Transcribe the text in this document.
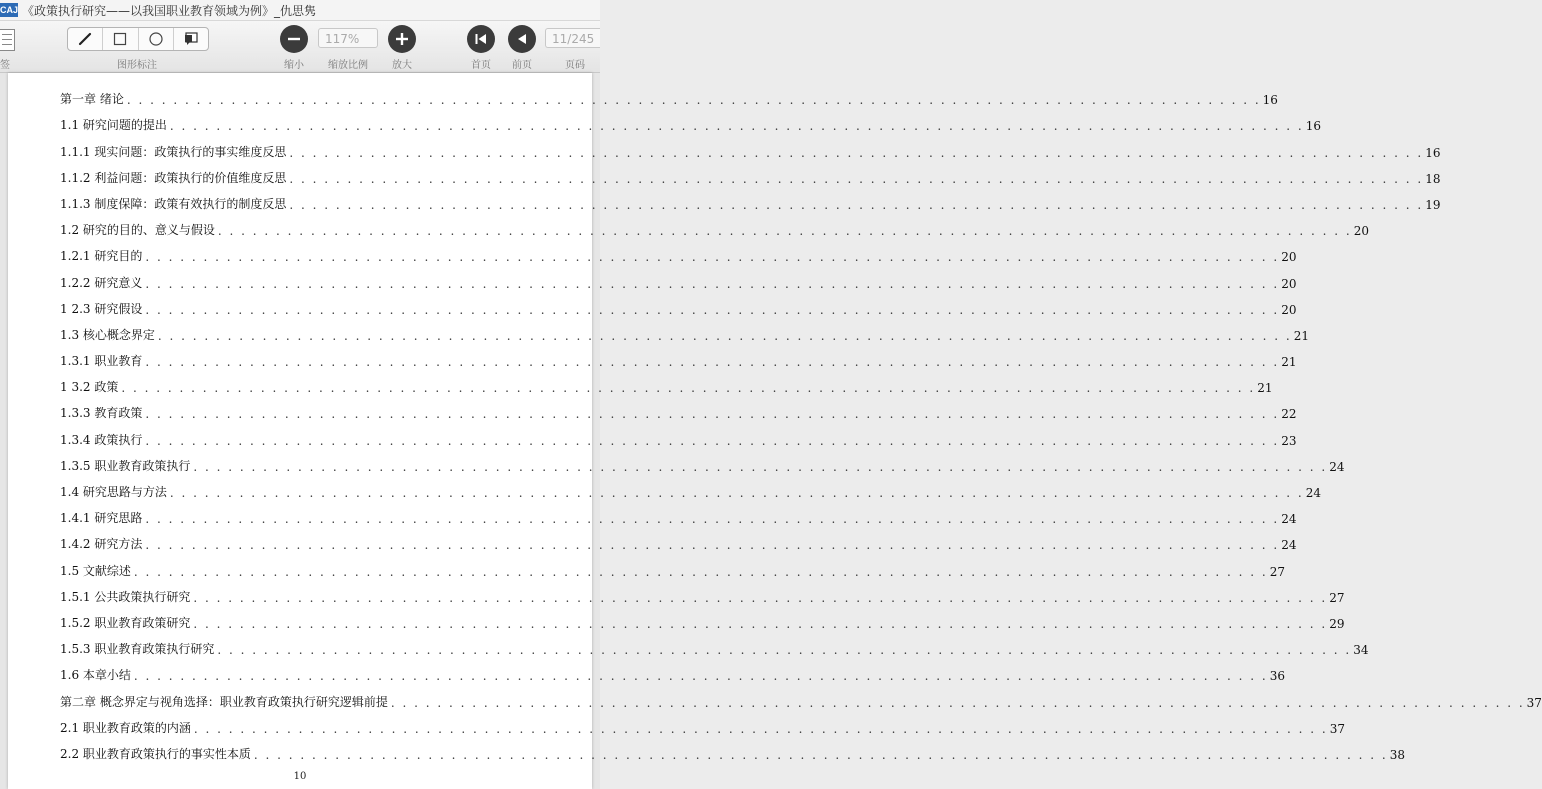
CAJ 《政策执行研究——以我国职业教育领域为例》_仇思隽
签	图形标注	缩小
117%
缩放比例	放大	首页	前页
11/245
页码
第一章 绪论 . . . . . . . . . . . . . . . . . . . . . . . . . . . . . . . . . . . . . . . . . . . . . . . . . . . . . . . . . . . . . . . . . . . . . . . . . . . . . . . . . . . . . . . . . . . . . . . . . . 16
1.1 研究问题的提出 . . . . . . . . . . . . . . . . . . . . . . . . . . . . . . . . . . . . . . . . . . . . . . . . . . . . . . . . . . . . . . . . . . . . . . . . . . . . . . . . . . . . . . . . . . . . . . . . . . 16
1.1.1 现实问题：政策执行的事实维度反思 . . . . . . . . . . . . . . . . . . . . . . . . . . . . . . . . . . . . . . . . . . . . . . . . . . . . . . . . . . . . . . . . . . . . . . . . . . . . . . . . . . . . . . . . . . . . . . . . . . 16
1.1.2 利益问题：政策执行的价值维度反思 . . . . . . . . . . . . . . . . . . . . . . . . . . . . . . . . . . . . . . . . . . . . . . . . . . . . . . . . . . . . . . . . . . . . . . . . . . . . . . . . . . . . . . . . . . . . . . . . . . 18
1.1.3 制度保障：政策有效执行的制度反思 . . . . . . . . . . . . . . . . . . . . . . . . . . . . . . . . . . . . . . . . . . . . . . . . . . . . . . . . . . . . . . . . . . . . . . . . . . . . . . . . . . . . . . . . . . . . . . . . . . 19
1.2 研究的目的、意义与假设 . . . . . . . . . . . . . . . . . . . . . . . . . . . . . . . . . . . . . . . . . . . . . . . . . . . . . . . . . . . . . . . . . . . . . . . . . . . . . . . . . . . . . . . . . . . . . . . . . . 20
1.2.1 研究目的 . . . . . . . . . . . . . . . . . . . . . . . . . . . . . . . . . . . . . . . . . . . . . . . . . . . . . . . . . . . . . . . . . . . . . . . . . . . . . . . . . . . . . . . . . . . . . . . . . . 20
1.2.2 研究意义 . . . . . . . . . . . . . . . . . . . . . . . . . . . . . . . . . . . . . . . . . . . . . . . . . . . . . . . . . . . . . . . . . . . . . . . . . . . . . . . . . . . . . . . . . . . . . . . . . . 20
1 2.3 研究假设 . . . . . . . . . . . . . . . . . . . . . . . . . . . . . . . . . . . . . . . . . . . . . . . . . . . . . . . . . . . . . . . . . . . . . . . . . . . . . . . . . . . . . . . . . . . . . . . . . . 20
1.3 核心概念界定 . . . . . . . . . . . . . . . . . . . . . . . . . . . . . . . . . . . . . . . . . . . . . . . . . . . . . . . . . . . . . . . . . . . . . . . . . . . . . . . . . . . . . . . . . . . . . . . . . . 21
1.3.1 职业教育 . . . . . . . . . . . . . . . . . . . . . . . . . . . . . . . . . . . . . . . . . . . . . . . . . . . . . . . . . . . . . . . . . . . . . . . . . . . . . . . . . . . . . . . . . . . . . . . . . . 21
1 3.2 政策 . . . . . . . . . . . . . . . . . . . . . . . . . . . . . . . . . . . . . . . . . . . . . . . . . . . . . . . . . . . . . . . . . . . . . . . . . . . . . . . . . . . . . . . . . . . . . . . . . . 21
1.3.3 教育政策 . . . . . . . . . . . . . . . . . . . . . . . . . . . . . . . . . . . . . . . . . . . . . . . . . . . . . . . . . . . . . . . . . . . . . . . . . . . . . . . . . . . . . . . . . . . . . . . . . . 22
1.3.4 政策执行 . . . . . . . . . . . . . . . . . . . . . . . . . . . . . . . . . . . . . . . . . . . . . . . . . . . . . . . . . . . . . . . . . . . . . . . . . . . . . . . . . . . . . . . . . . . . . . . . . . 23
1.3.5 职业教育政策执行 . . . . . . . . . . . . . . . . . . . . . . . . . . . . . . . . . . . . . . . . . . . . . . . . . . . . . . . . . . . . . . . . . . . . . . . . . . . . . . . . . . . . . . . . . . . . . . . . . . 24
1.4 研究思路与方法 . . . . . . . . . . . . . . . . . . . . . . . . . . . . . . . . . . . . . . . . . . . . . . . . . . . . . . . . . . . . . . . . . . . . . . . . . . . . . . . . . . . . . . . . . . . . . . . . . . 24
1.4.1 研究思路 . . . . . . . . . . . . . . . . . . . . . . . . . . . . . . . . . . . . . . . . . . . . . . . . . . . . . . . . . . . . . . . . . . . . . . . . . . . . . . . . . . . . . . . . . . . . . . . . . . 24
1.4.2 研究方法 . . . . . . . . . . . . . . . . . . . . . . . . . . . . . . . . . . . . . . . . . . . . . . . . . . . . . . . . . . . . . . . . . . . . . . . . . . . . . . . . . . . . . . . . . . . . . . . . . . 24
1.5 文献综述 . . . . . . . . . . . . . . . . . . . . . . . . . . . . . . . . . . . . . . . . . . . . . . . . . . . . . . . . . . . . . . . . . . . . . . . . . . . . . . . . . . . . . . . . . . . . . . . . . . 27
1.5.1 公共政策执行研究 . . . . . . . . . . . . . . . . . . . . . . . . . . . . . . . . . . . . . . . . . . . . . . . . . . . . . . . . . . . . . . . . . . . . . . . . . . . . . . . . . . . . . . . . . . . . . . . . . . 27
1.5.2 职业教育政策研究 . . . . . . . . . . . . . . . . . . . . . . . . . . . . . . . . . . . . . . . . . . . . . . . . . . . . . . . . . . . . . . . . . . . . . . . . . . . . . . . . . . . . . . . . . . . . . . . . . . 29
1.5.3 职业教育政策执行研究 . . . . . . . . . . . . . . . . . . . . . . . . . . . . . . . . . . . . . . . . . . . . . . . . . . . . . . . . . . . . . . . . . . . . . . . . . . . . . . . . . . . . . . . . . . . . . . . . . . 34
1.6 本章小结 . . . . . . . . . . . . . . . . . . . . . . . . . . . . . . . . . . . . . . . . . . . . . . . . . . . . . . . . . . . . . . . . . . . . . . . . . . . . . . . . . . . . . . . . . . . . . . . . . . 36
第二章 概念界定与视角选择：职业教育政策执行研究逻辑前提 . . . . . . . . . . . . . . . . . . . . . . . . . . . . . . . . . . . . . . . . . . . . . . . . . . . . . . . . . . . . . . . . . . . . . . . . . . . . . . . . . . . . . . . . . . . . . . . . . . 37
2.1 职业教育政策的内涵 . . . . . . . . . . . . . . . . . . . . . . . . . . . . . . . . . . . . . . . . . . . . . . . . . . . . . . . . . . . . . . . . . . . . . . . . . . . . . . . . . . . . . . . . . . . . . . . . . . 37
2.2 职业教育政策执行的事实性本质 . . . . . . . . . . . . . . . . . . . . . . . . . . . . . . . . . . . . . . . . . . . . . . . . . . . . . . . . . . . . . . . . . . . . . . . . . . . . . . . . . . . . . . . . . . . . . . . . . . 38
10
